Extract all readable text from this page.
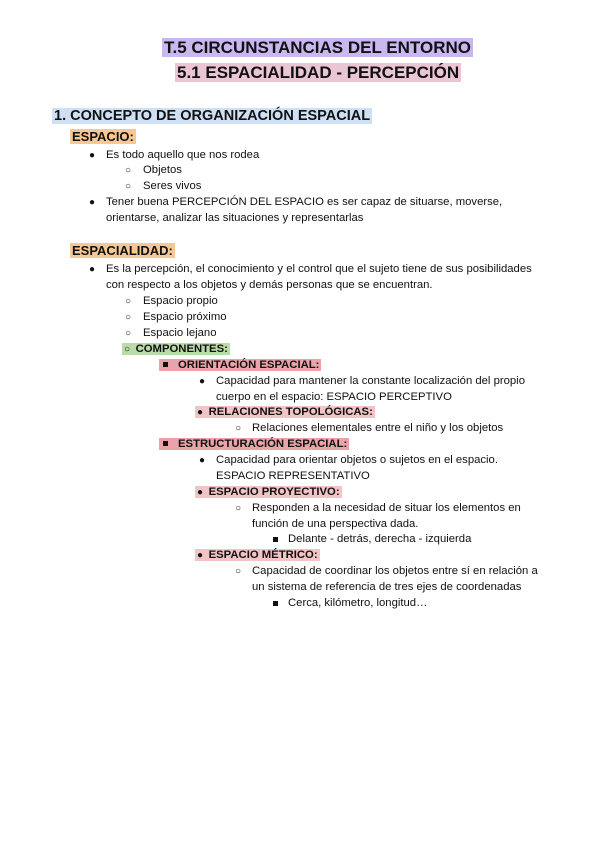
T.5 CIRCUNSTANCIAS DEL ENTORNO
5.1 ESPACIALIDAD - PERCEPCIÓN
1. CONCEPTO DE ORGANIZACIÓN ESPACIAL
ESPACIO:
● Es todo aquello que nos rodea
○ Objetos
○ Seres vivos
● Tener buena PERCEPCIÓN DEL ESPACIO es ser capaz de situarse, moverse,
orientarse, analizar las situaciones y representarlas
ESPACIALIDAD:
● Es la percepción, el conocimiento y el control que el sujeto tiene de sus posibilidades
con respecto a los objetos y demás personas que se encuentran.
○ Espacio propio
○ Espacio próximo
○ Espacio lejano
○  COMPONENTES:
ORIENTACIÓN ESPACIAL:
● Capacidad para mantener la constante localización del propio
cuerpo en el espacio: ESPACIO PERCEPTIVO
●  RELACIONES TOPOLÓGICAS:
○ Relaciones elementales entre el niño y los objetos
ESTRUCTURACIÓN ESPACIAL:
● Capacidad para orientar objetos o sujetos en el espacio.
ESPACIO REPRESENTATIVO
●  ESPACIO PROYECTIVO:
○ Responden a la necesidad de situar los elementos en
función de una perspectiva dada.
Delante - detrás, derecha - izquierda
●  ESPACIO MÉTRICO:
○ Capacidad de coordinar los objetos entre sí en relación a
un sistema de referencia de tres ejes de coordenadas
Cerca, kilómetro, longitud…
